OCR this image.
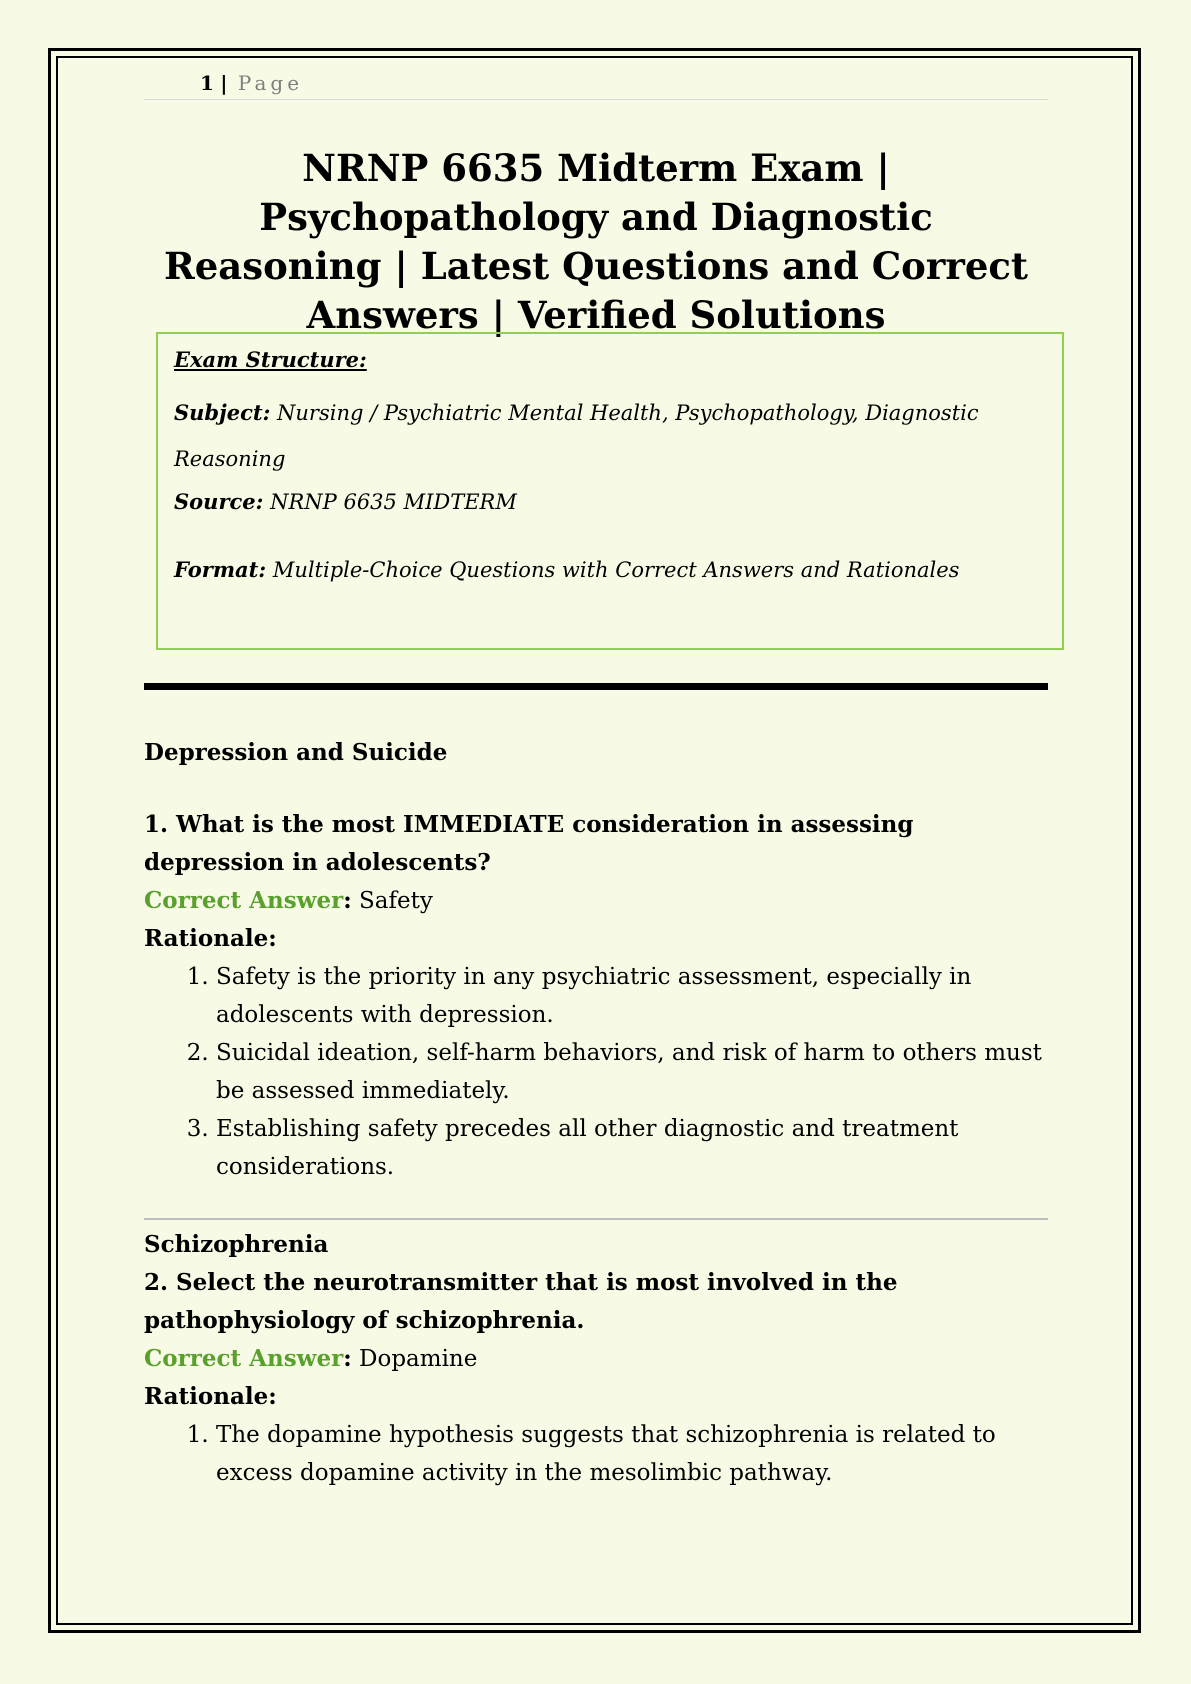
1 | Page
NRNP 6635 Midterm Exam | Psychopathology and Diagnostic Reasoning | Latest Questions and Correct Answers | Verified Solutions
Exam Structure:
Subject: Nursing / Psychiatric Mental Health, Psychopathology, Diagnostic Reasoning
Source: NRNP 6635 MIDTERM
Format: Multiple-Choice Questions with Correct Answers and Rationales
Depression and Suicide
1. What is the most IMMEDIATE consideration in assessing depression in adolescents?
Correct Answer: Safety
Rationale:
1. Safety is the priority in any psychiatric assessment, especially in adolescents with depression.
2. Suicidal ideation, self-harm behaviors, and risk of harm to others must be assessed immediately.
3. Establishing safety precedes all other diagnostic and treatment considerations.
Schizophrenia
2. Select the neurotransmitter that is most involved in the pathophysiology of schizophrenia.
Correct Answer: Dopamine
Rationale:
1. The dopamine hypothesis suggests that schizophrenia is related to excess dopamine activity in the mesolimbic pathway.
